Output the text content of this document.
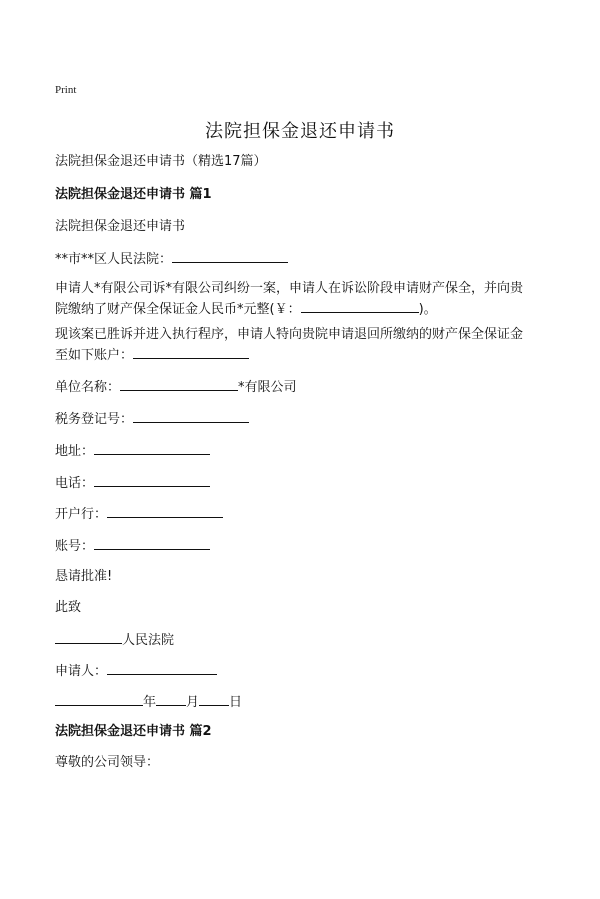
Print
法院担保金退还申请书
法院担保金退还申请书（精选17篇）
法院担保金退还申请书 篇1
法院担保金退还申请书
**市**区人民法院：
申请人*有限公司诉*有限公司纠纷一案，申请人在诉讼阶段申请财产保全，并向贵
院缴纳了财产保全保证金人民币*元整(￥：	)。
现该案已胜诉并进入执行程序，申请人特向贵院申请退回所缴纳的财产保全保证金
至如下账户：
单位名称：	*有限公司
税务登记号：
地址：
电话：
开户行：
账号：
恳请批准!
此致
人民法院
申请人：
年 月 日
法院担保金退还申请书 篇2
尊敬的公司领导：
